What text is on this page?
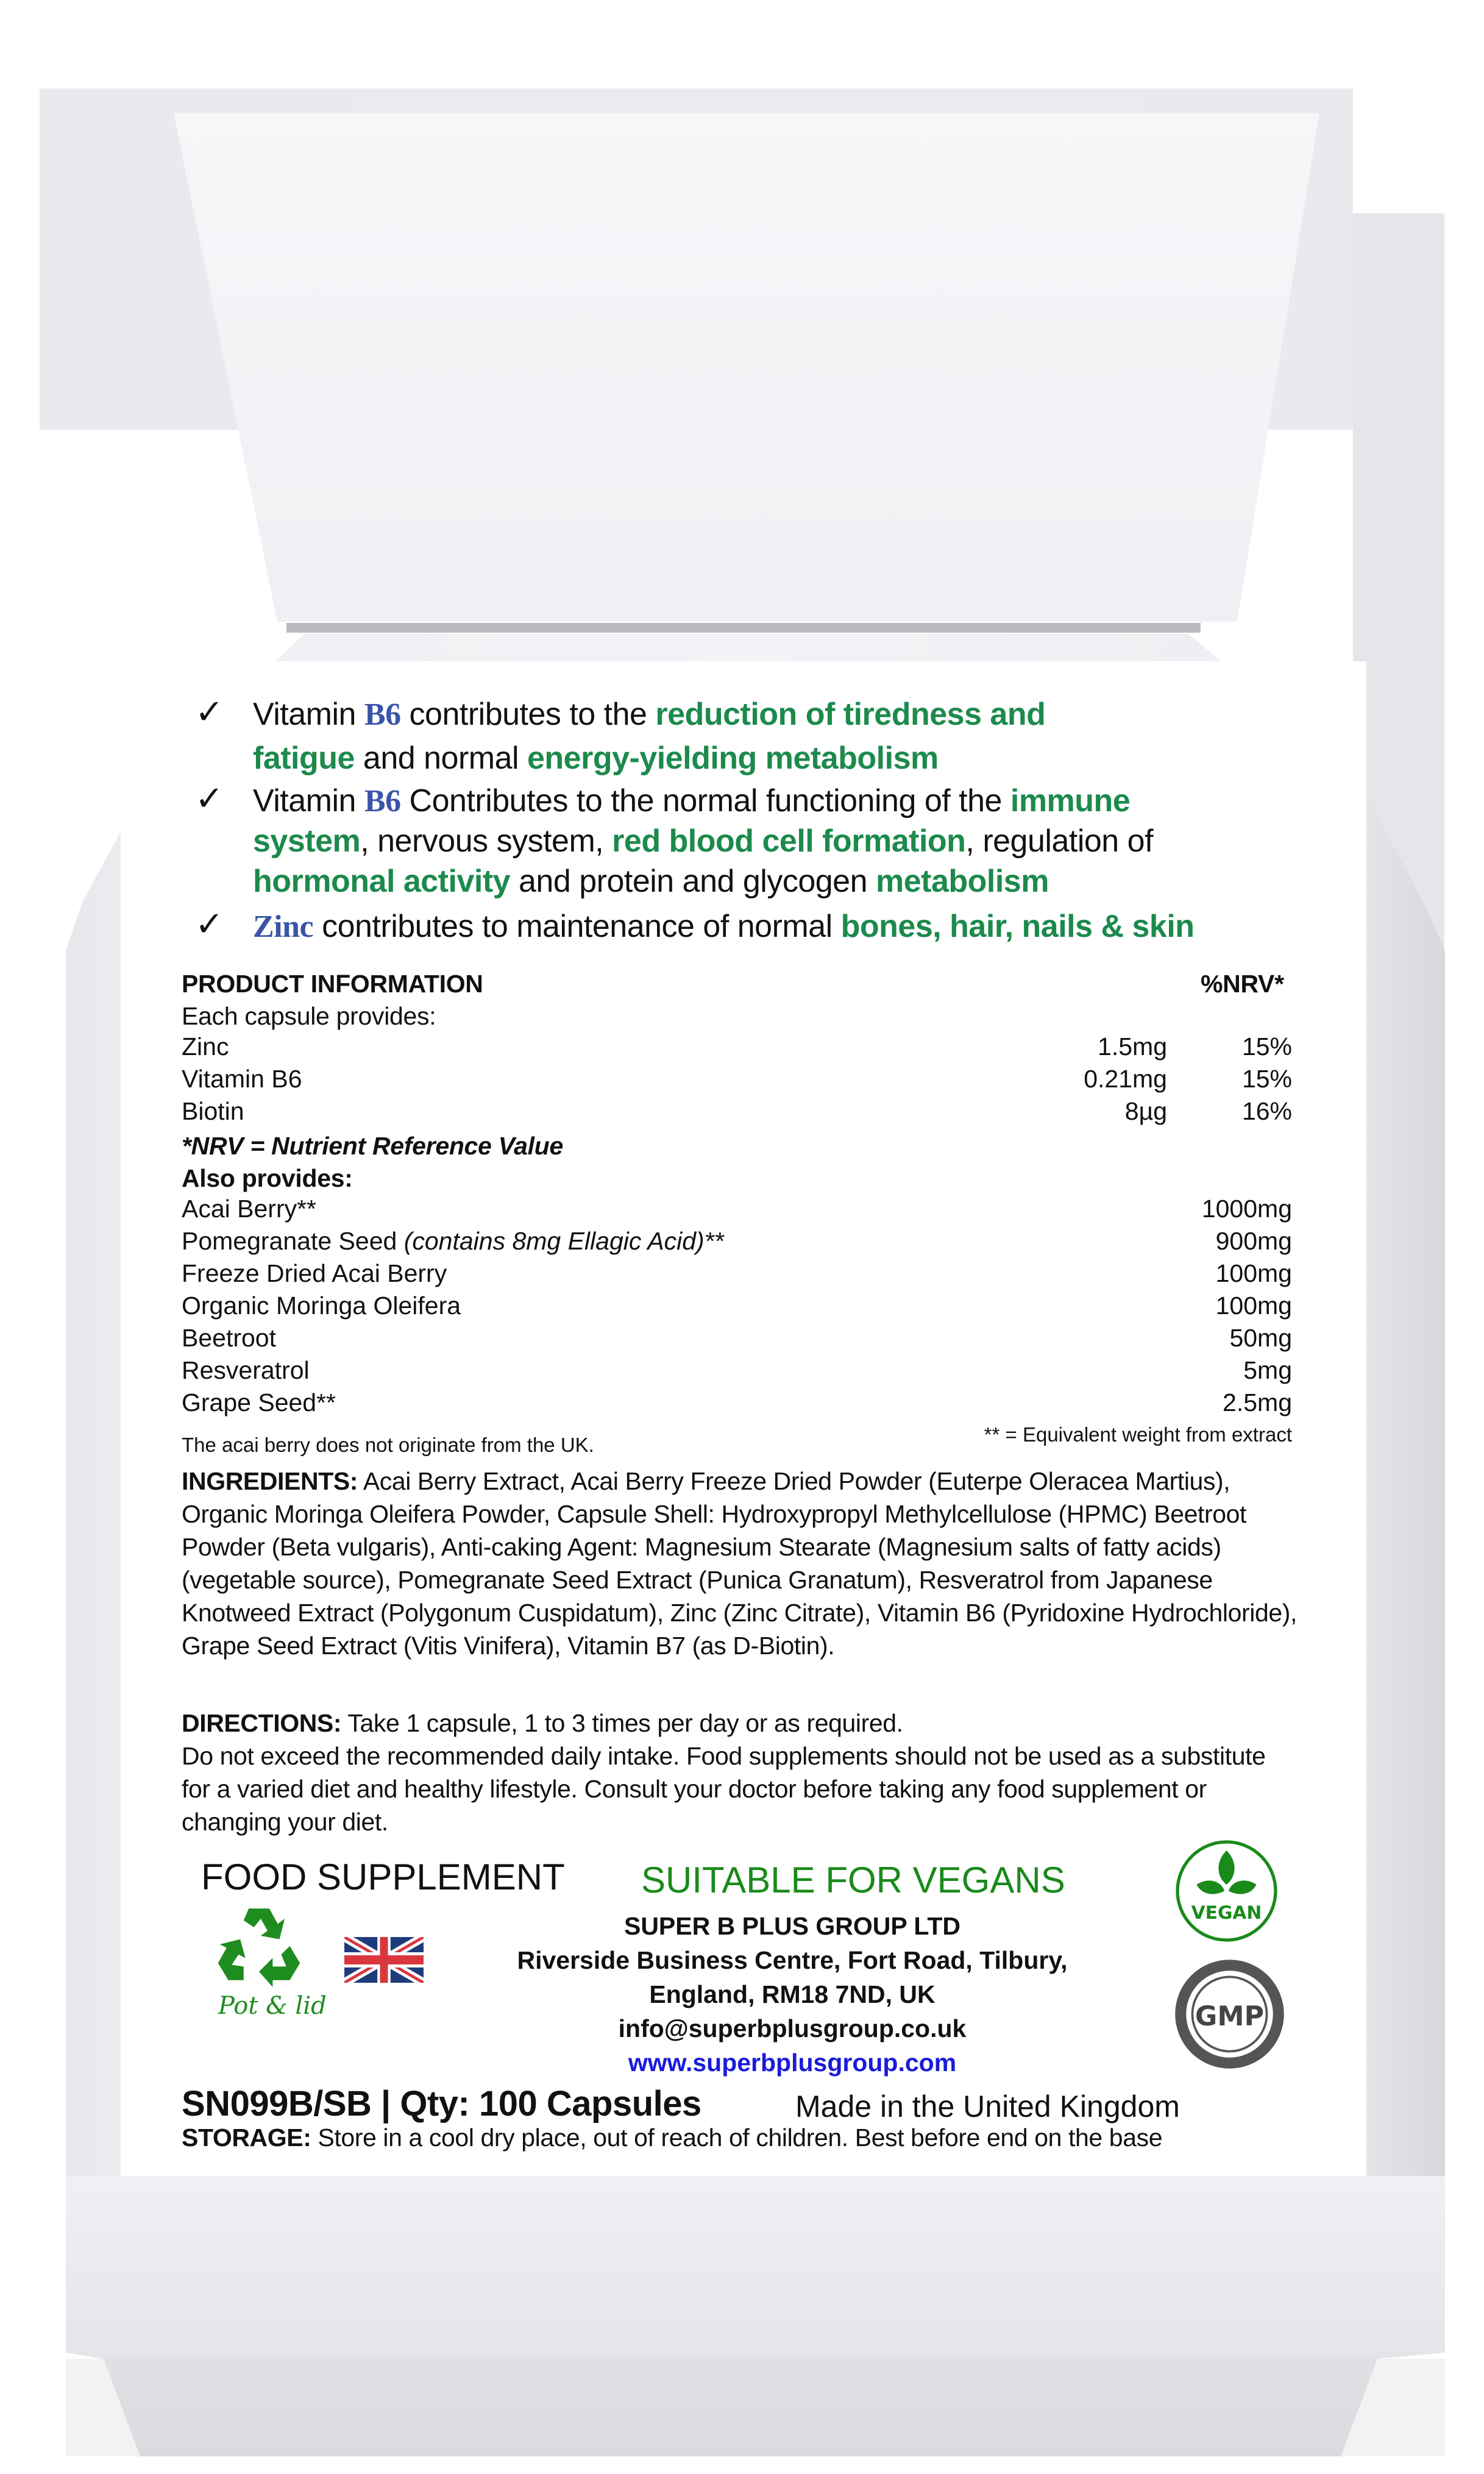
✓ Vitamin B6 contributes to the reduction of tiredness and
fatigue and normal energy-yielding metabolism
✓ Vitamin B6 Contributes to the normal functioning of the immune
system, nervous system, red blood cell formation, regulation of
hormonal activity and protein and glycogen metabolism
✓ Zinc contributes to maintenance of normal bones, hair, nails & skin
PRODUCT INFORMATION	%NRV*
Each capsule provides:
Zinc	1.5mg	15%
Vitamin B6	0.21mg	15%
Biotin	8µg	16%
*NRV = Nutrient Reference Value
Also provides:
Acai Berry**	1000mg
Pomegranate Seed (contains 8mg Ellagic Acid)**	900mg
Freeze Dried Acai Berry	100mg
Organic Moringa Oleifera	100mg
Beetroot	50mg
Resveratrol	5mg
Grape Seed**	2.5mg
The acai berry does not originate from the UK.	** = Equivalent weight from extract
INGREDIENTS: Acai Berry Extract, Acai Berry Freeze Dried Powder (Euterpe Oleracea Martius), Organic Moringa Oleifera Powder, Capsule Shell: Hydroxypropyl Methylcellulose (HPMC) Beetroot Powder (Beta vulgaris), Anti-caking Agent: Magnesium Stearate (Magnesium salts of fatty acids) (vegetable source), Pomegranate Seed Extract (Punica Granatum), Resveratrol from Japanese Knotweed Extract (Polygonum Cuspidatum), Zinc (Zinc Citrate), Vitamin B6 (Pyridoxine Hydrochloride), Grape Seed Extract (Vitis Vinifera), Vitamin B7 (as D-Biotin).
DIRECTIONS: Take 1 capsule, 1 to 3 times per day or as required.
Do not exceed the recommended daily intake. Food supplements should not be used as a substitute for a varied diet and healthy lifestyle. Consult your doctor before taking any food supplement or changing your diet.
FOOD SUPPLEMENT SUITABLE FOR VEGANS
Pot & lid
SUPER B PLUS GROUP LTD
Riverside Business Centre, Fort Road, Tilbury,
England, RM18 7ND, UK
info@superbplusgroup.co.uk
www.superbplusgroup.com
VEGAN
GMP
SN099B/SB | Qty: 100 Capsules	Made in the United Kingdom
STORAGE: Store in a cool dry place, out of reach of children. Best before end on the base
